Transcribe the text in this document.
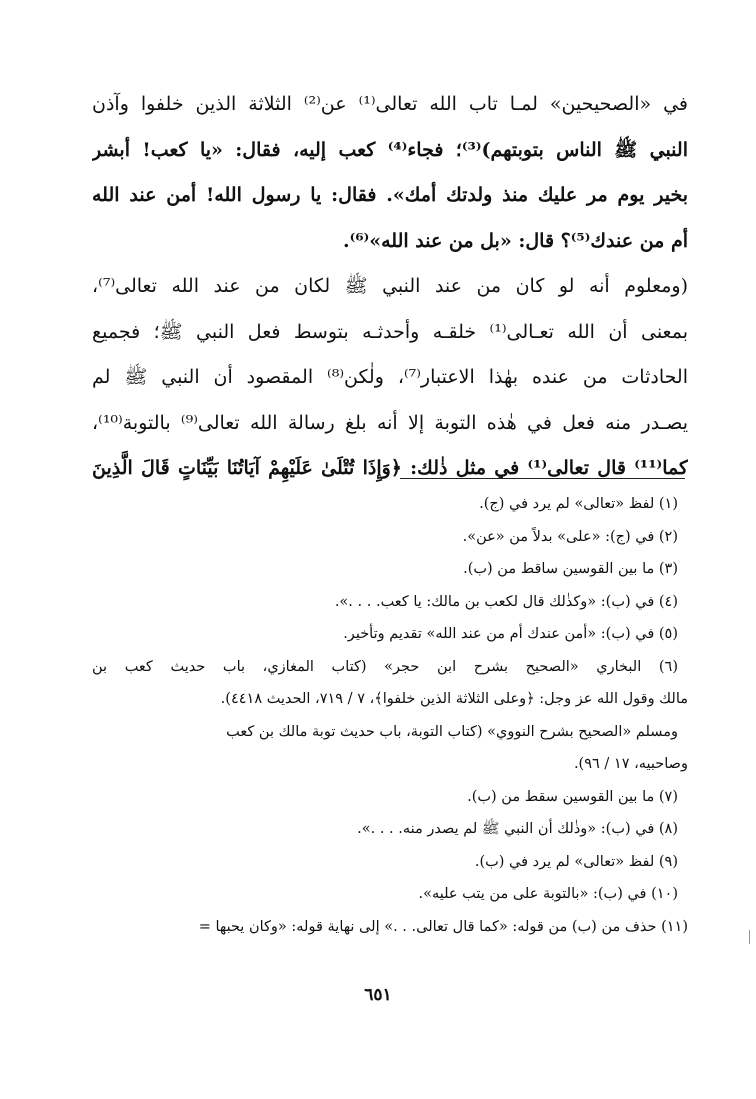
في «الصحيحين» لمـا تاب الله تعالى⁽¹⁾ عن⁽²⁾ الثلاثة الذين خلفوا وآذن
النبي ﷺ الناس بتوبتهم)⁽³⁾؛ فجاء⁽⁴⁾ كعب إليه، فقال: «يا كعب! أبشر
بخير يوم مر عليك منذ ولدتك أمك». فقال: يا رسول الله! أمن عند الله
أم من عندك⁽⁵⁾؟ قال: «بل من عند الله»⁽⁶⁾.
(ومعلوم أنه لو كان من عند النبي ﷺ لكان من عند الله تعالى⁽⁷⁾،
بمعنى أن الله تعـالى⁽¹⁾ خلقـه وأحدثـه بتوسط فعل النبي ﷺ؛ فجميع
الحادثات من عنده بهٰذا الاعتبار⁽⁷⁾، ولٰكن⁽⁸⁾ المقصود أن النبي ﷺ لم
يصـدر منه فعل في هٰذه التوبة إلا أنه بلغ رسالة الله تعالى⁽⁹⁾ بالتوبة⁽¹⁰⁾،
كما⁽¹¹⁾ قال تعالى⁽¹⁾ في مثل ذٰلك: ﴿وَإِذَا تُتْلَىٰ عَلَيْهِمْ آيَاتُنَا بَيِّنَاتٍ قَالَ الَّذِينَ
(١) لفظ «تعالى» لم يرد في (ج).
(٢) في (ج): «على» بدلاً من «عن».
(٣) ما بين القوسين ساقط من (ب).
(٤) في (ب): «وكذٰلك قال لكعب بن مالك: يا كعب. . . .».
(٥) في (ب): «أمن عندك أم من عند الله» تقديم وتأخير.
(٦) البخاري «الصحيح بشرح ابن حجر» (كتاب المغازي، باب حديث كعب بن
مالك وقول الله عز وجل: ﴿وعلى الثلاثة الذين خلفوا﴾، ٧ / ٧١٩، الحديث ٤٤١٨).
ومسلم «الصحيح بشرح النووي» (كتاب التوبة، باب حديث توبة مالك بن كعب
وصاحبيه، ١٧ / ٩٦).
(٧) ما بين القوسين سقط من (ب).
(٨) في (ب): «وذٰلك أن النبي ﷺ لم يصدر منه. . . .».
(٩) لفظ «تعالى» لم يرد في (ب).
(١٠) في (ب): «بالتوبة على من يتب عليه».
(١١) حذف من (ب) من قوله: «كما قال تعالى. . .» إلى نهاية قوله: «وكان يحبها =
٦٥١
